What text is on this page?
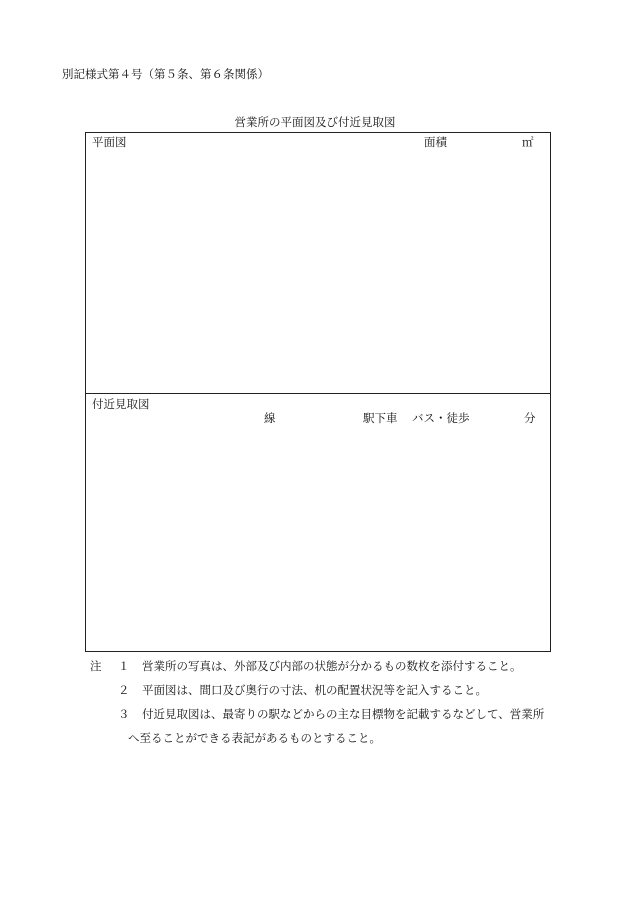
別記様式第４号（第５条、第６条関係）
営業所の平面図及び付近見取図
平面図	面積	㎡
付近見取図
線	駅下車 バス・徒歩	分
注 １ 営業所の写真は、外部及び内部の状態が分かるもの数枚を添付すること。
２ 平面図は、間口及び奥行の寸法、机の配置状況等を記入すること。
３ 付近見取図は、最寄りの駅などからの主な目標物を記載するなどして、営業所
へ至ることができる表記があるものとすること。
